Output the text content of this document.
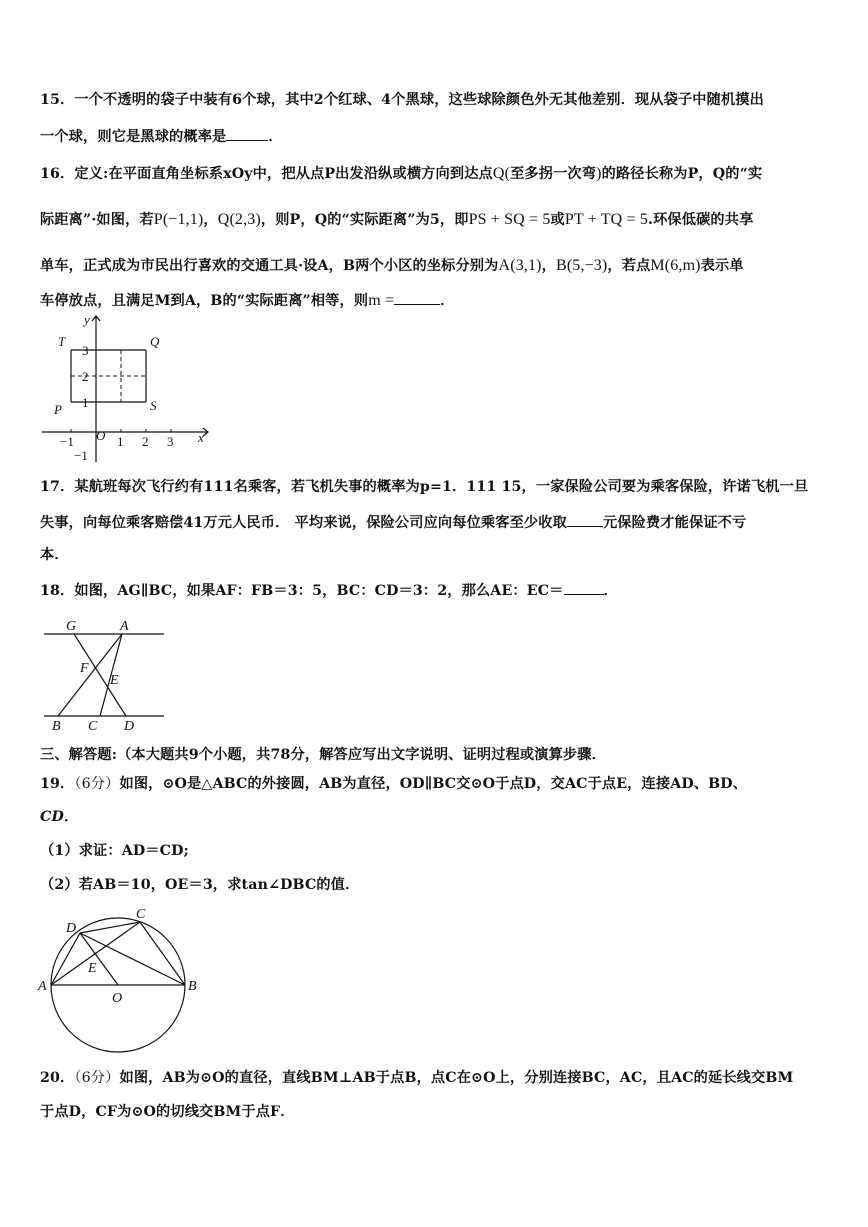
15．一个不透明的袋子中装有6个球，其中2个红球、4个黑球，这些球除颜色外无其他差别．现从袋子中随机摸出
一个球，则它是黑球的概率是	．
16．定义:在平面直角坐标系xOy中，把从点P出发沿纵或横方向到达点Q(至多拐一次弯)的路径长称为P，Q的“实
际距离”·如图，若P(−1,1)，Q(2,3)，则P，Q的“实际距离”为5，即PS + SQ = 5或PT + TQ = 5.环保低碳的共享
单车，正式成为市民出行喜欢的交通工具·设A，B两个小区的坐标分别为A(3,1)，B(5,−3)，若点M(6,m)表示单
车停放点，且满足M到A，B的“实际距离”相等，则m =	．
y
x
O
T	Q
P	S
3
2
1
−1	1 2 3
−1
17．某航班每次飞行约有111名乘客，若飞机失事的概率为p=1．111 15，一家保险公司要为乘客保险，许诺飞机一旦
失事，向每位乘客赔偿41万元人民币． 平均来说，保险公司应向每位乘客至少收取	元保险费才能保证不亏
本．
18．如图，AG∥BC，如果AF：FB＝3：5，BC：CD＝3：2，那么AE：EC＝	．
G	A
F
E
B C D
三、解答题:（本大题共9个小题，共78分，解答应写出文字说明、证明过程或演算步骤．
19．（6分）如图，⊙O是△ABC的外接圆，AB为直径，OD∥BC交⊙O于点D，交AC于点E，连接AD、BD、
CD．
（1）求证：AD＝CD;
（2）若AB＝10，OE＝3，求tan∠DBC的值．
D
C
E
A
O
B
20．（6分）如图，AB为⊙O的直径，直线BM⊥AB于点B，点C在⊙O上，分别连接BC，AC，且AC的延长线交BM
于点D，CF为⊙O的切线交BM于点F．
